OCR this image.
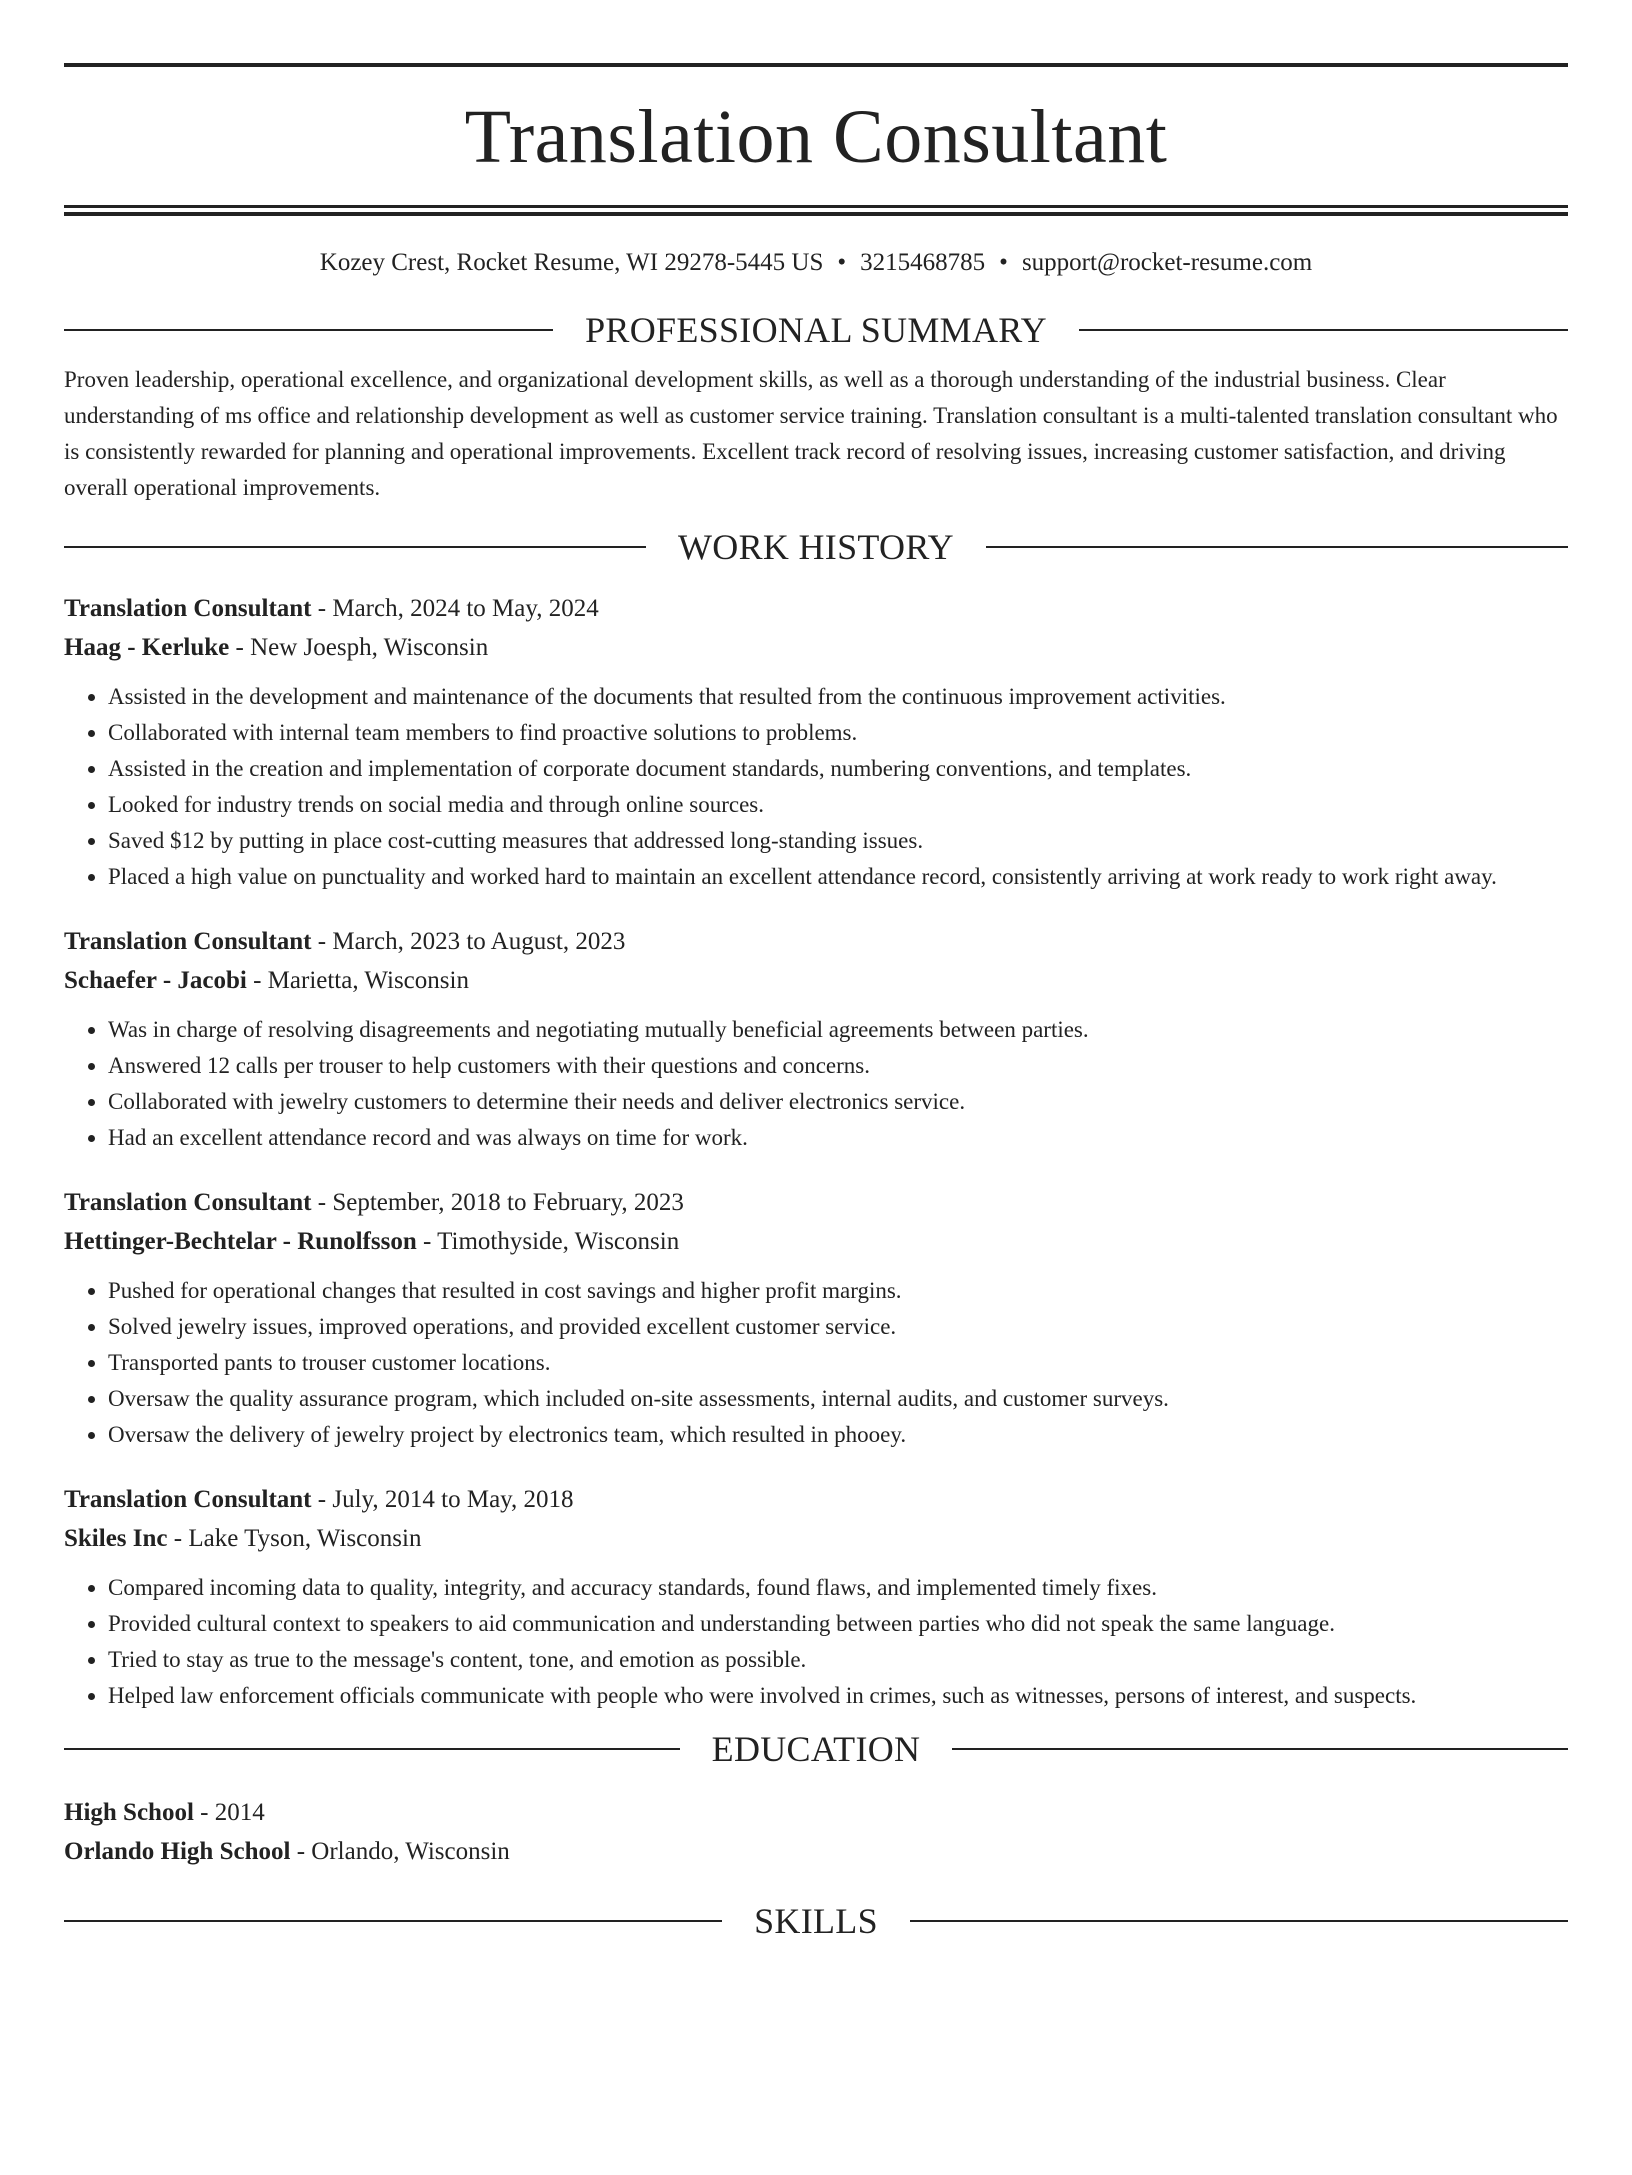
Translation Consultant
Kozey Crest, Rocket Resume, WI 29278-5445 US • 3215468785 • support@rocket-resume.com
PROFESSIONAL SUMMARY

Proven leadership, operational excellence, and organizational development skills, as well as a thorough understanding of the industrial business. Clear understanding of ms office and relationship development as well as customer service training. Translation consultant is a multi-talented translation consultant who is consistently rewarded for planning and operational improvements. Excellent track record of resolving issues, increasing customer satisfaction, and driving overall operational improvements.

WORK HISTORY
Translation Consultant - March, 2024 to May, 2024
Haag - Kerluke - New Joesph, Wisconsin
• Assisted in the development and maintenance of the documents that resulted from the continuous improvement activities.
• Collaborated with internal team members to find proactive solutions to problems.
• Assisted in the creation and implementation of corporate document standards, numbering conventions, and templates.
• Looked for industry trends on social media and through online sources.
• Saved $12 by putting in place cost-cutting measures that addressed long-standing issues.
• Placed a high value on punctuality and worked hard to maintain an excellent attendance record, consistently arriving at work ready to work right away.
Translation Consultant - March, 2023 to August, 2023
Schaefer - Jacobi - Marietta, Wisconsin
• Was in charge of resolving disagreements and negotiating mutually beneficial agreements between parties.
• Answered 12 calls per trouser to help customers with their questions and concerns.
• Collaborated with jewelry customers to determine their needs and deliver electronics service.
• Had an excellent attendance record and was always on time for work.
Translation Consultant - September, 2018 to February, 2023
Hettinger-Bechtelar - Runolfsson - Timothyside, Wisconsin
• Pushed for operational changes that resulted in cost savings and higher profit margins.
• Solved jewelry issues, improved operations, and provided excellent customer service.
• Transported pants to trouser customer locations.
• Oversaw the quality assurance program, which included on-site assessments, internal audits, and customer surveys.
• Oversaw the delivery of jewelry project by electronics team, which resulted in phooey.
Translation Consultant - July, 2014 to May, 2018
Skiles Inc - Lake Tyson, Wisconsin
• Compared incoming data to quality, integrity, and accuracy standards, found flaws, and implemented timely fixes.
• Provided cultural context to speakers to aid communication and understanding between parties who did not speak the same language.
• Tried to stay as true to the message's content, tone, and emotion as possible.
• Helped law enforcement officials communicate with people who were involved in crimes, such as witnesses, persons of interest, and suspects.
EDUCATION
High School - 2014
Orlando High School - Orlando, Wisconsin
SKILLS
